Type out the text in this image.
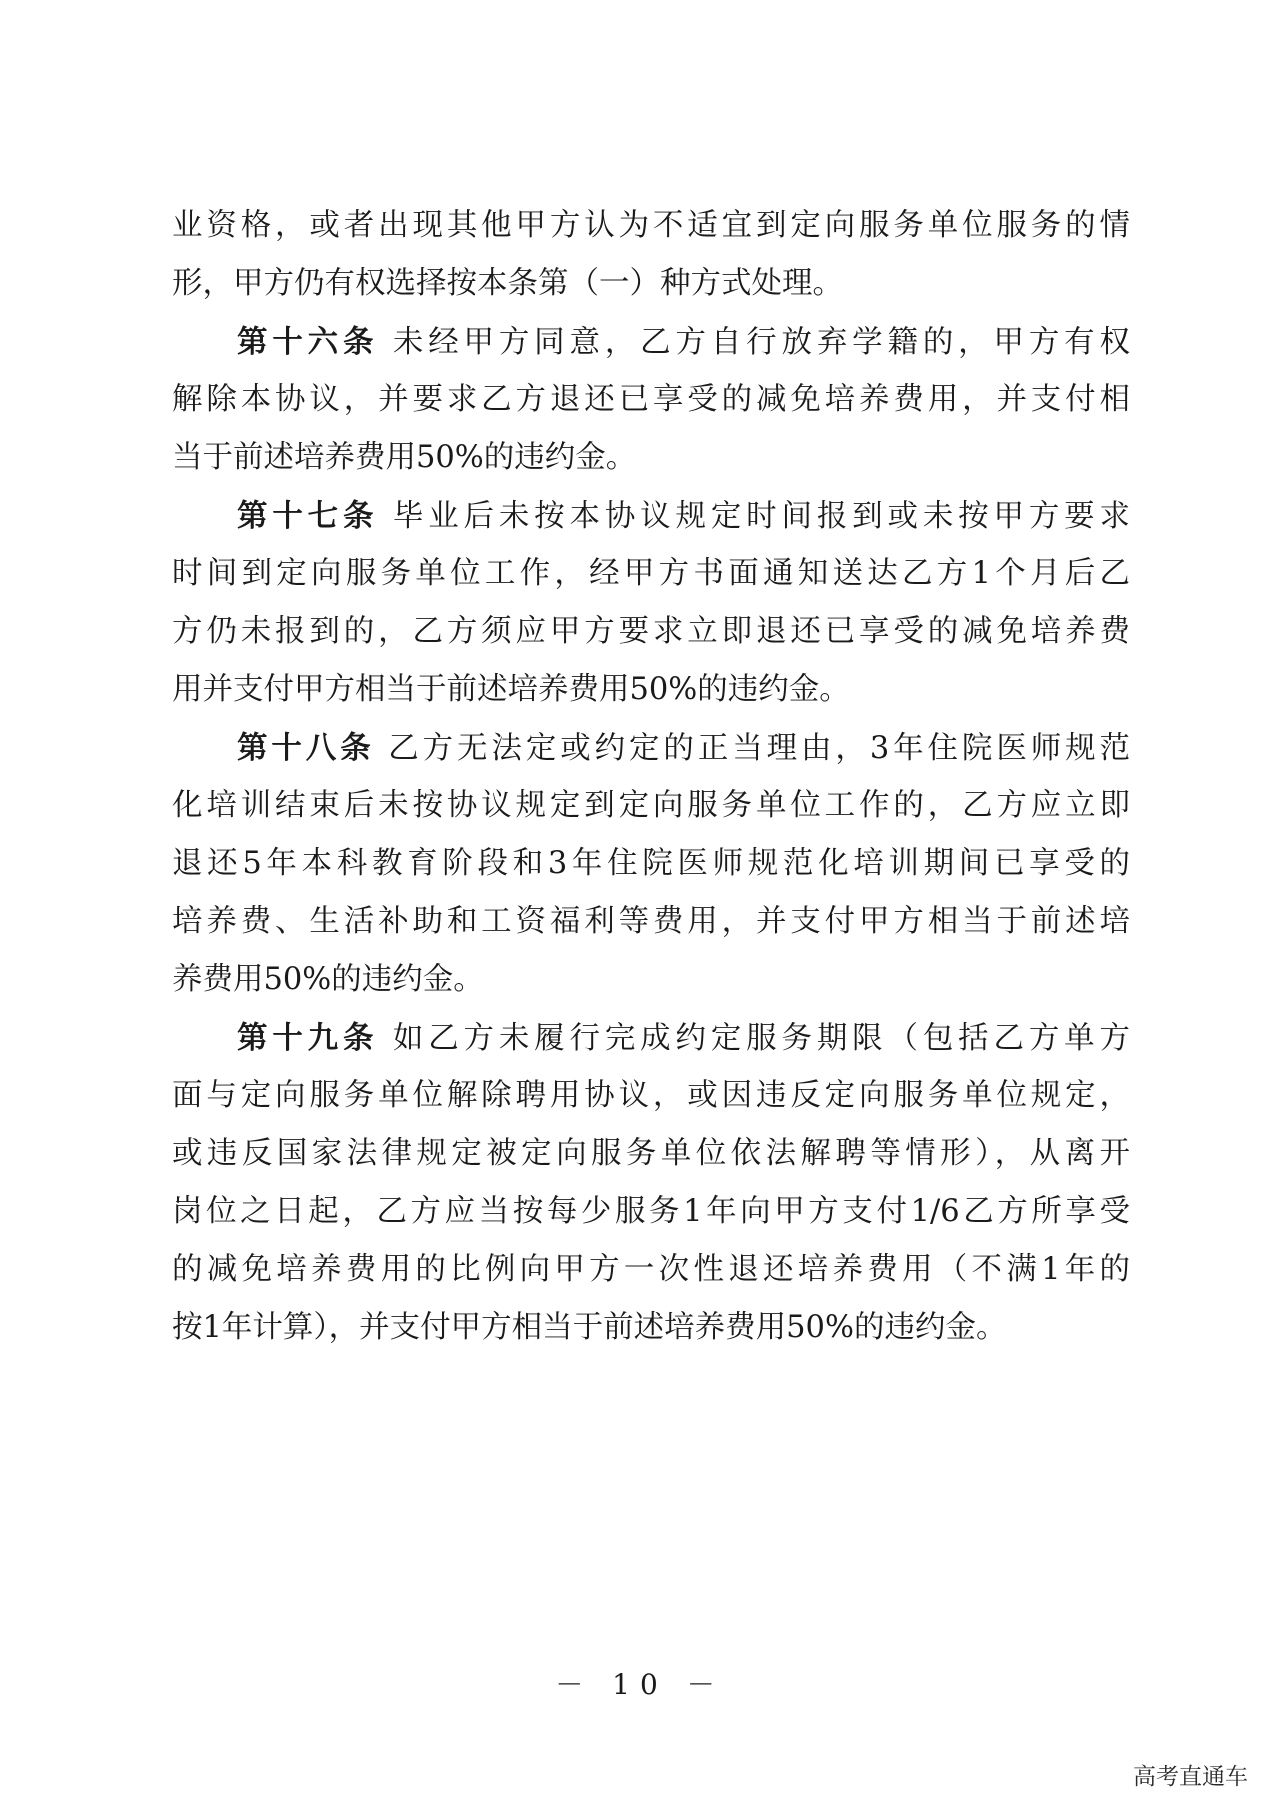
业资格，或者出现其他甲方认为不适宜到定向服务单位服务的情
形，甲方仍有权选择按本条第（一）种方式处理。
第十六条 未经甲方同意，乙方自行放弃学籍的，甲方有权
解除本协议，并要求乙方退还已享受的减免培养费用，并支付相
当于前述培养费用50%的违约金。
第十七条 毕业后未按本协议规定时间报到或未按甲方要求
时间到定向服务单位工作，经甲方书面通知送达乙方1个月后乙
方仍未报到的，乙方须应甲方要求立即退还已享受的减免培养费
用并支付甲方相当于前述培养费用50%的违约金。
第十八条 乙方无法定或约定的正当理由，3年住院医师规范
化培训结束后未按协议规定到定向服务单位工作的，乙方应立即
退还5年本科教育阶段和3年住院医师规范化培训期间已享受的
培养费、生活补助和工资福利等费用，并支付甲方相当于前述培
养费用50%的违约金。
第十九条 如乙方未履行完成约定服务期限（包括乙方单方
面与定向服务单位解除聘用协议，或因违反定向服务单位规定，
或违反国家法律规定被定向服务单位依法解聘等情形），从离开
岗位之日起，乙方应当按每少服务1年向甲方支付1/6乙方所享受
的减免培养费用的比例向甲方一次性退还培养费用（不满1年的
按1年计算），并支付甲方相当于前述培养费用50%的违约金。
－ 10 －
高考直通车
